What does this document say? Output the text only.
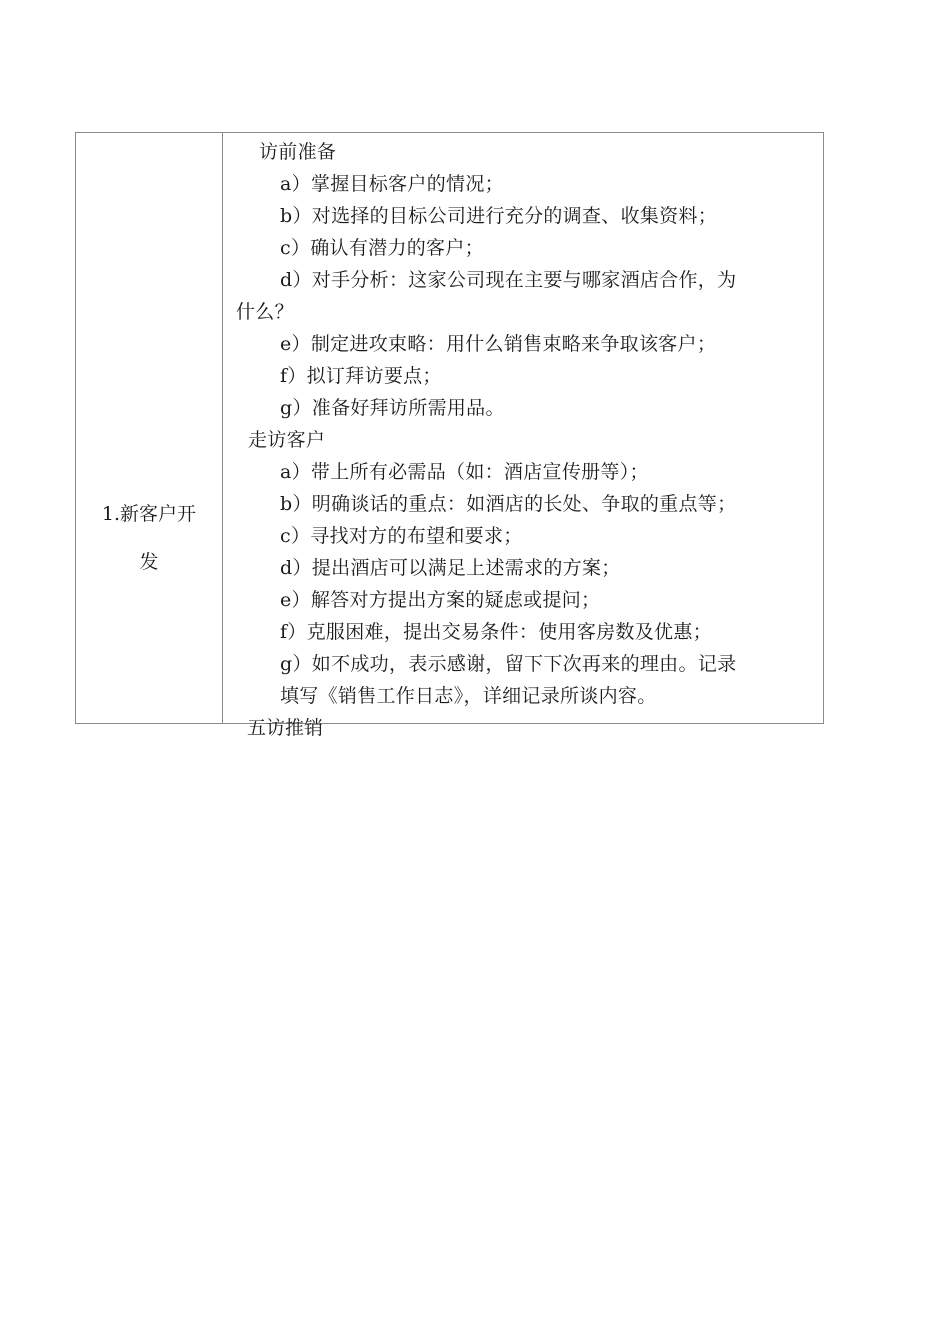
1.新客户开
发
访前准备
a）掌握目标客户的情况；
b）对选择的目标公司进行充分的调查、收集资料；
c）确认有潜力的客户；
d）对手分析：这家公司现在主要与哪家酒店合作，为
什么？
e）制定进攻束略：用什么销售束略来争取该客户；
f）拟订拜访要点；
g）准备好拜访所需用品。
走访客户
a）带上所有必需品（如：酒店宣传册等）；
b）明确谈话的重点：如酒店的长处、争取的重点等；
c）寻找对方的布望和要求；
d）提出酒店可以满足上述需求的方案；
e）解答对方提出方案的疑虑或提问；
f）克服困难，提出交易条件：使用客房数及优惠；
g）如不成功，表示感谢，留下下次再来的理由。记录
填写《销售工作日志》，详细记录所谈内容。
五访推销
